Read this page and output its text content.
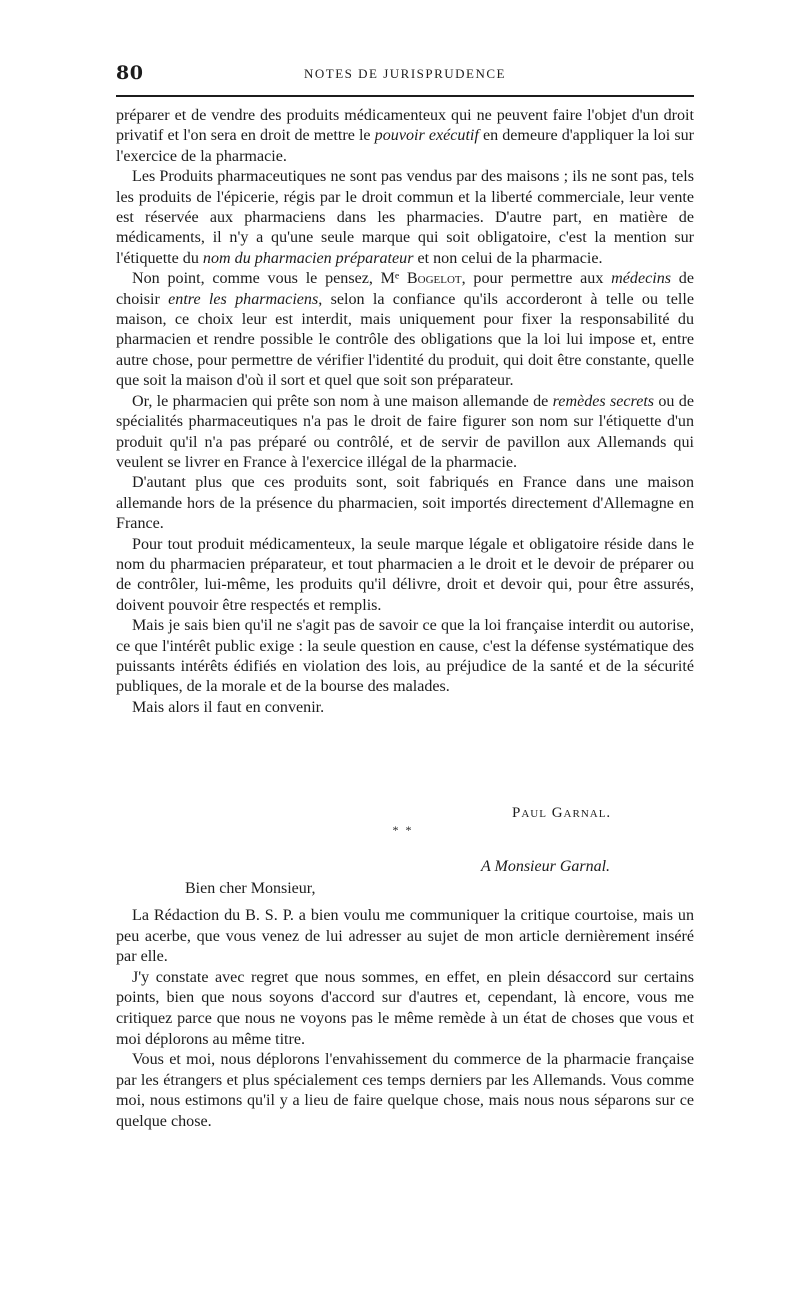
80	NOTES DE JURISPRUDENCE

préparer et de vendre des produits médicamenteux qui ne peuvent faire l'objet d'un droit privatif et l'on sera en droit de mettre le pouvoir exécutif en demeure d'appliquer la loi sur l'exercice de la pharmacie.

Les Produits pharmaceutiques ne sont pas vendus par des maisons ; ils ne sont pas, tels les produits de l'épicerie, régis par le droit commun et la liberté commerciale, leur vente est réservée aux pharmaciens dans les pharmacies. D'autre part, en matière de médicaments, il n'y a qu'une seule marque qui soit obligatoire, c'est la mention sur l'étiquette du nom du pharmacien préparateur et non celui de la pharmacie.

Non point, comme vous le pensez, Mᵉ Bogelot, pour permettre aux médecins de choisir entre les pharmaciens, selon la confiance qu'ils accorderont à telle ou telle maison, ce choix leur est interdit, mais uniquement pour fixer la responsabilité du pharmacien et rendre possible le contrôle des obligations que la loi lui impose et, entre autre chose, pour permettre de vérifier l'identité du produit, qui doit être constante, quelle que soit la maison d'où il sort et quel que soit son préparateur.

Or, le pharmacien qui prête son nom à une maison allemande de remèdes secrets ou de spécialités pharmaceutiques n'a pas le droit de faire figurer son nom sur l'étiquette d'un produit qu'il n'a pas préparé ou contrôlé, et de servir de pavillon aux Allemands qui veulent se livrer en France à l'exercice illégal de la pharmacie.

D'autant plus que ces produits sont, soit fabriqués en France dans une maison allemande hors de la présence du pharmacien, soit importés directement d'Allemagne en France.

Pour tout produit médicamenteux, la seule marque légale et obligatoire réside dans le nom du pharmacien préparateur, et tout pharmacien a le droit et le devoir de préparer ou de contrôler, lui-même, les produits qu'il délivre, droit et devoir qui, pour être assurés, doivent pouvoir être respectés et remplis.

Mais je sais bien qu'il ne s'agit pas de savoir ce que la loi française interdit ou autorise, ce que l'intérêt public exige : la seule question en cause, c'est la défense systématique des puissants intérêts édifiés en violation des lois, au préjudice de la santé et de la sécurité publiques, de la morale et de la bourse des malades.

Mais alors il faut en convenir.

Paul Garnal.
* *
A Monsieur Garnal.
Bien cher Monsieur,

La Rédaction du B. S. P. a bien voulu me communiquer la critique courtoise, mais un peu acerbe, que vous venez de lui adresser au sujet de mon article dernièrement inséré par elle.

J'y constate avec regret que nous sommes, en effet, en plein désaccord sur certains points, bien que nous soyons d'accord sur d'autres et, cependant, là encore, vous me critiquez parce que nous ne voyons pas le même remède à un état de choses que vous et moi déplorons au même titre.

Vous et moi, nous déplorons l'envahissement du commerce de la pharmacie française par les étrangers et plus spécialement ces temps derniers par les Allemands. Vous comme moi, nous estimons qu'il y a lieu de faire quelque chose, mais nous nous séparons sur ce quelque chose.
